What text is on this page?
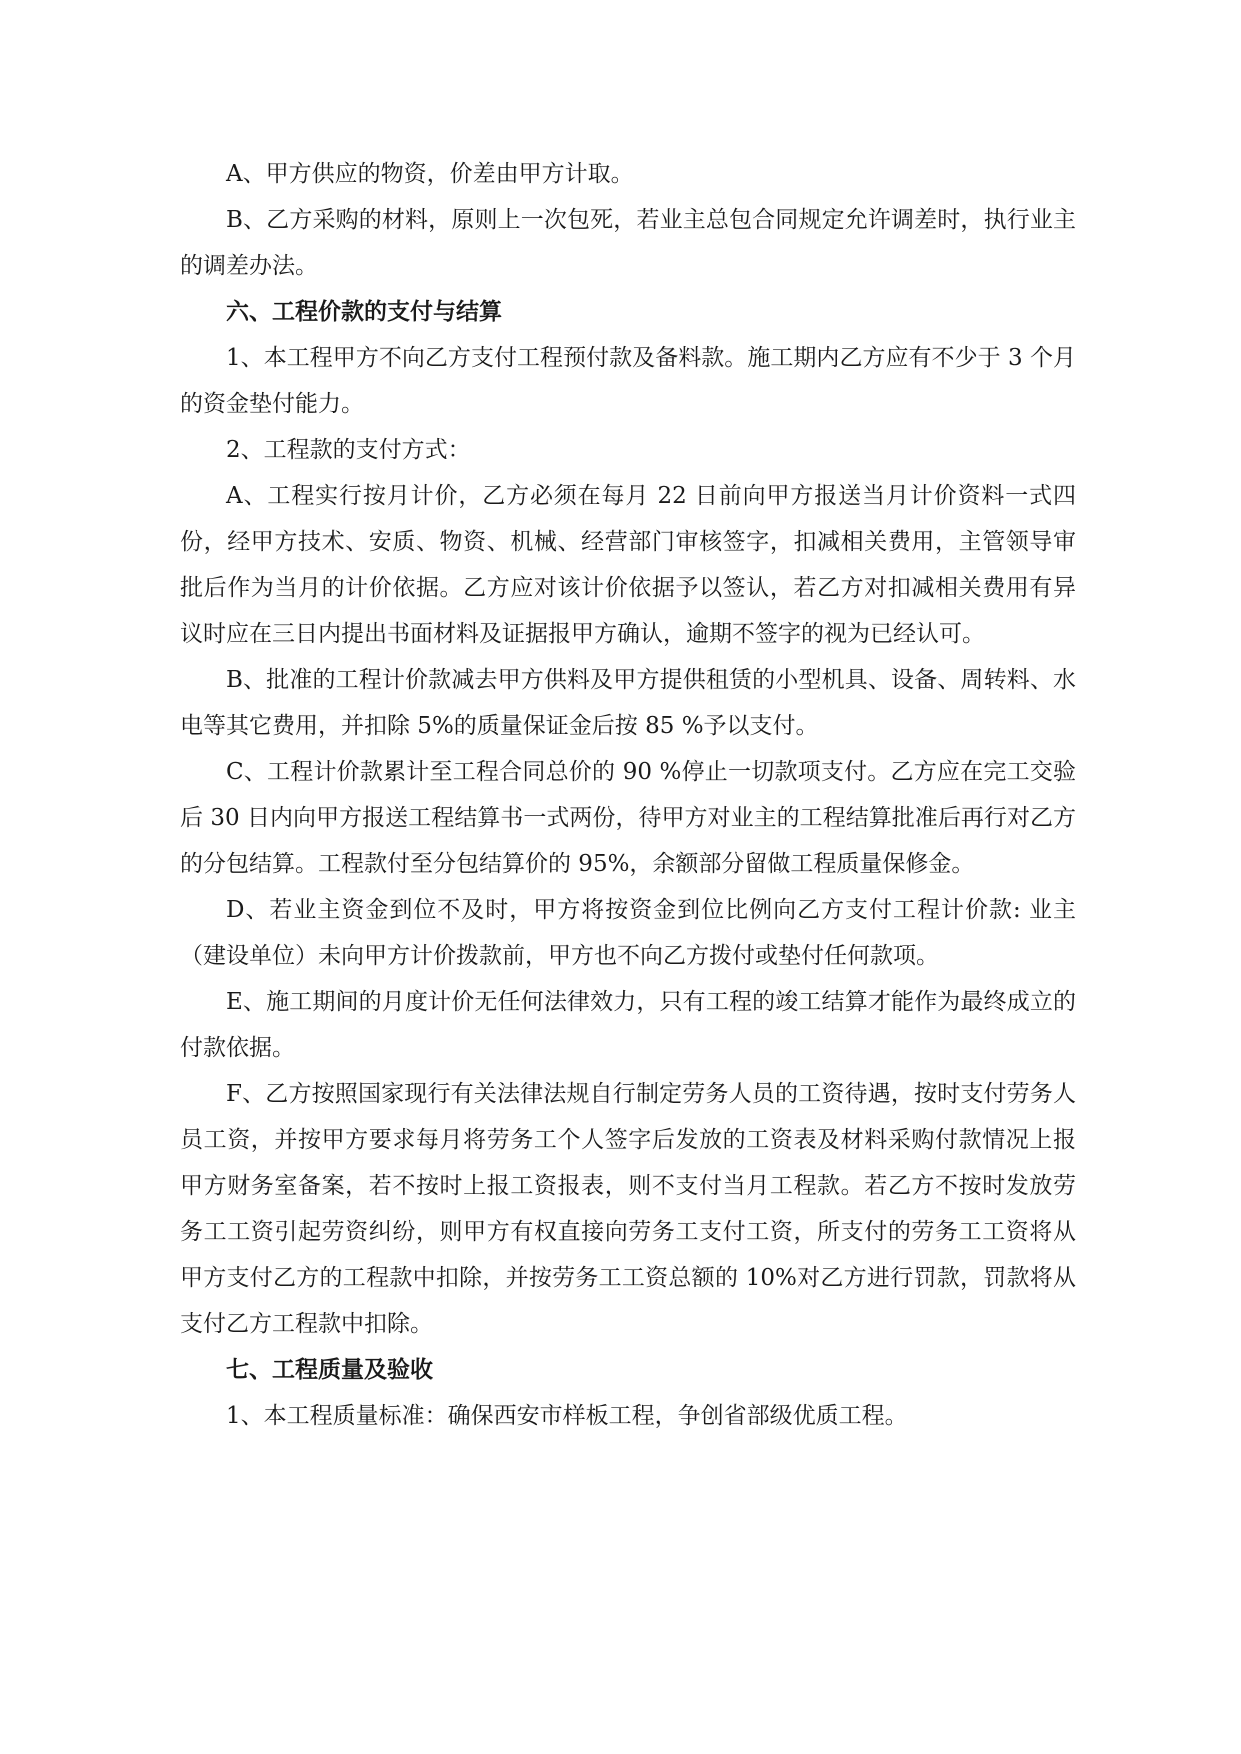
A、甲方供应的物资，价差由甲方计取。

B、乙方采购的材料，原则上一次包死，若业主总包合同规定允许调差时，执行业主的调差办法。

六、工程价款的支付与结算

1、本工程甲方不向乙方支付工程预付款及备料款。施工期内乙方应有不少于 3 个月的资金垫付能力。

2、工程款的支付方式：

A、工程实行按月计价，乙方必须在每月 22 日前向甲方报送当月计价资料一式四份，经甲方技术、安质、物资、机械、经营部门审核签字，扣减相关费用，主管领导审批后作为当月的计价依据。乙方应对该计价依据予以签认，若乙方对扣减相关费用有异议时应在三日内提出书面材料及证据报甲方确认，逾期不签字的视为已经认可。

B、批准的工程计价款减去甲方供料及甲方提供租赁的小型机具、设备、周转料、水电等其它费用，并扣除 5%的质量保证金后按 85 %予以支付。

C、工程计价款累计至工程合同总价的 90 %停止一切款项支付。乙方应在完工交验后 30 日内向甲方报送工程结算书一式两份，待甲方对业主的工程结算批准后再行对乙方的分包结算。工程款付至分包结算价的 95%，余额部分留做工程质量保修金。

D、若业主资金到位不及时，甲方将按资金到位比例向乙方支付工程计价款: 业主（建设单位）未向甲方计价拨款前，甲方也不向乙方拨付或垫付任何款项。

E、施工期间的月度计价无任何法律效力，只有工程的竣工结算才能作为最终成立的付款依据。

F、乙方按照国家现行有关法律法规自行制定劳务人员的工资待遇，按时支付劳务人员工资，并按甲方要求每月将劳务工个人签字后发放的工资表及材料采购付款情况上报甲方财务室备案，若不按时上报工资报表，则不支付当月工程款。若乙方不按时发放劳务工工资引起劳资纠纷，则甲方有权直接向劳务工支付工资，所支付的劳务工工资将从甲方支付乙方的工程款中扣除，并按劳务工工资总额的 10%对乙方进行罚款，罚款将从支付乙方工程款中扣除。

七、工程质量及验收

1、本工程质量标准：确保西安市样板工程，争创省部级优质工程。
